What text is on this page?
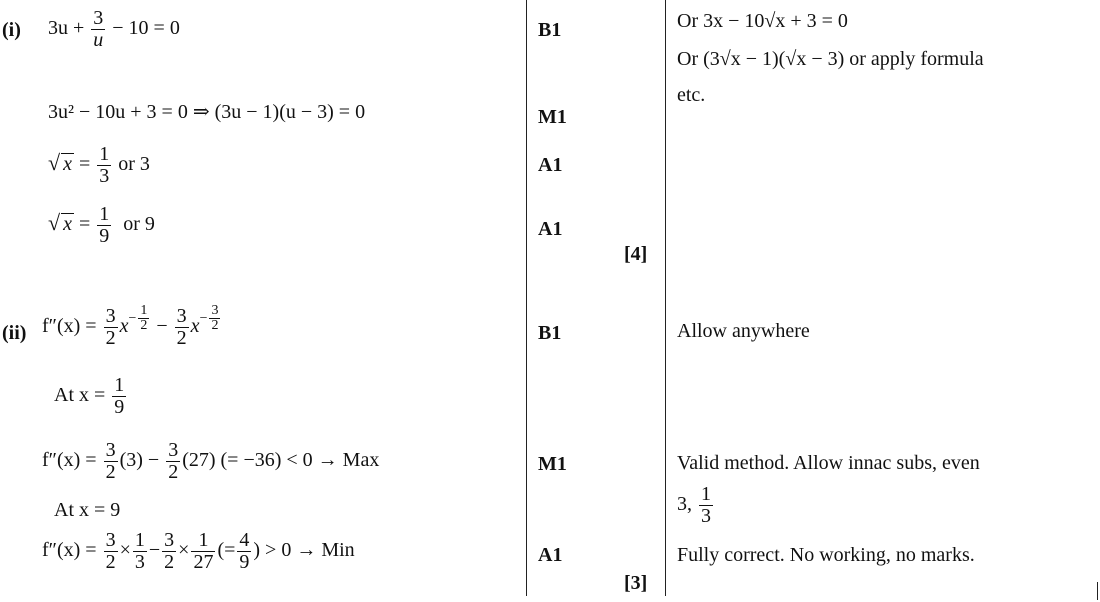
(i) $3u + \frac{3}{u} - 10 = 0$
3u² − 10u + 3 = 0 ⇒ (3u − 1)(u − 3) = 0
√ $x = \frac{1}{3}$ or 3
√ $x = \frac{1}{9}$ or 9
B1
M1
A1
A1
[4]
Or 3x − 10√x + 3 = 0
Or (3√x − 1)(√x − 3) or apply formula
etc.
(ii) $f''(x) = \frac{3}{2} x^{- \frac{1}{2}} - \frac{3}{2} x^{- \frac{3}{2}}$
At $x = \frac{1}{9}$
$f''(x) = \frac{3}{2} (3) - \frac{3}{2} (27)$ (= −36) < 0 → Max
At x = 9
$f''(x) = \frac{3}{2} \times \frac{1}{3} - \frac{3}{2} \times \frac{1}{27}$ (= $\frac{4}{9}$ ) > 0 → Min
B1
M1
A1
[3]
Allow anywhere
Valid method. Allow innac subs, even
3, $\frac{1}{3}$
Fully correct. No working, no marks.
